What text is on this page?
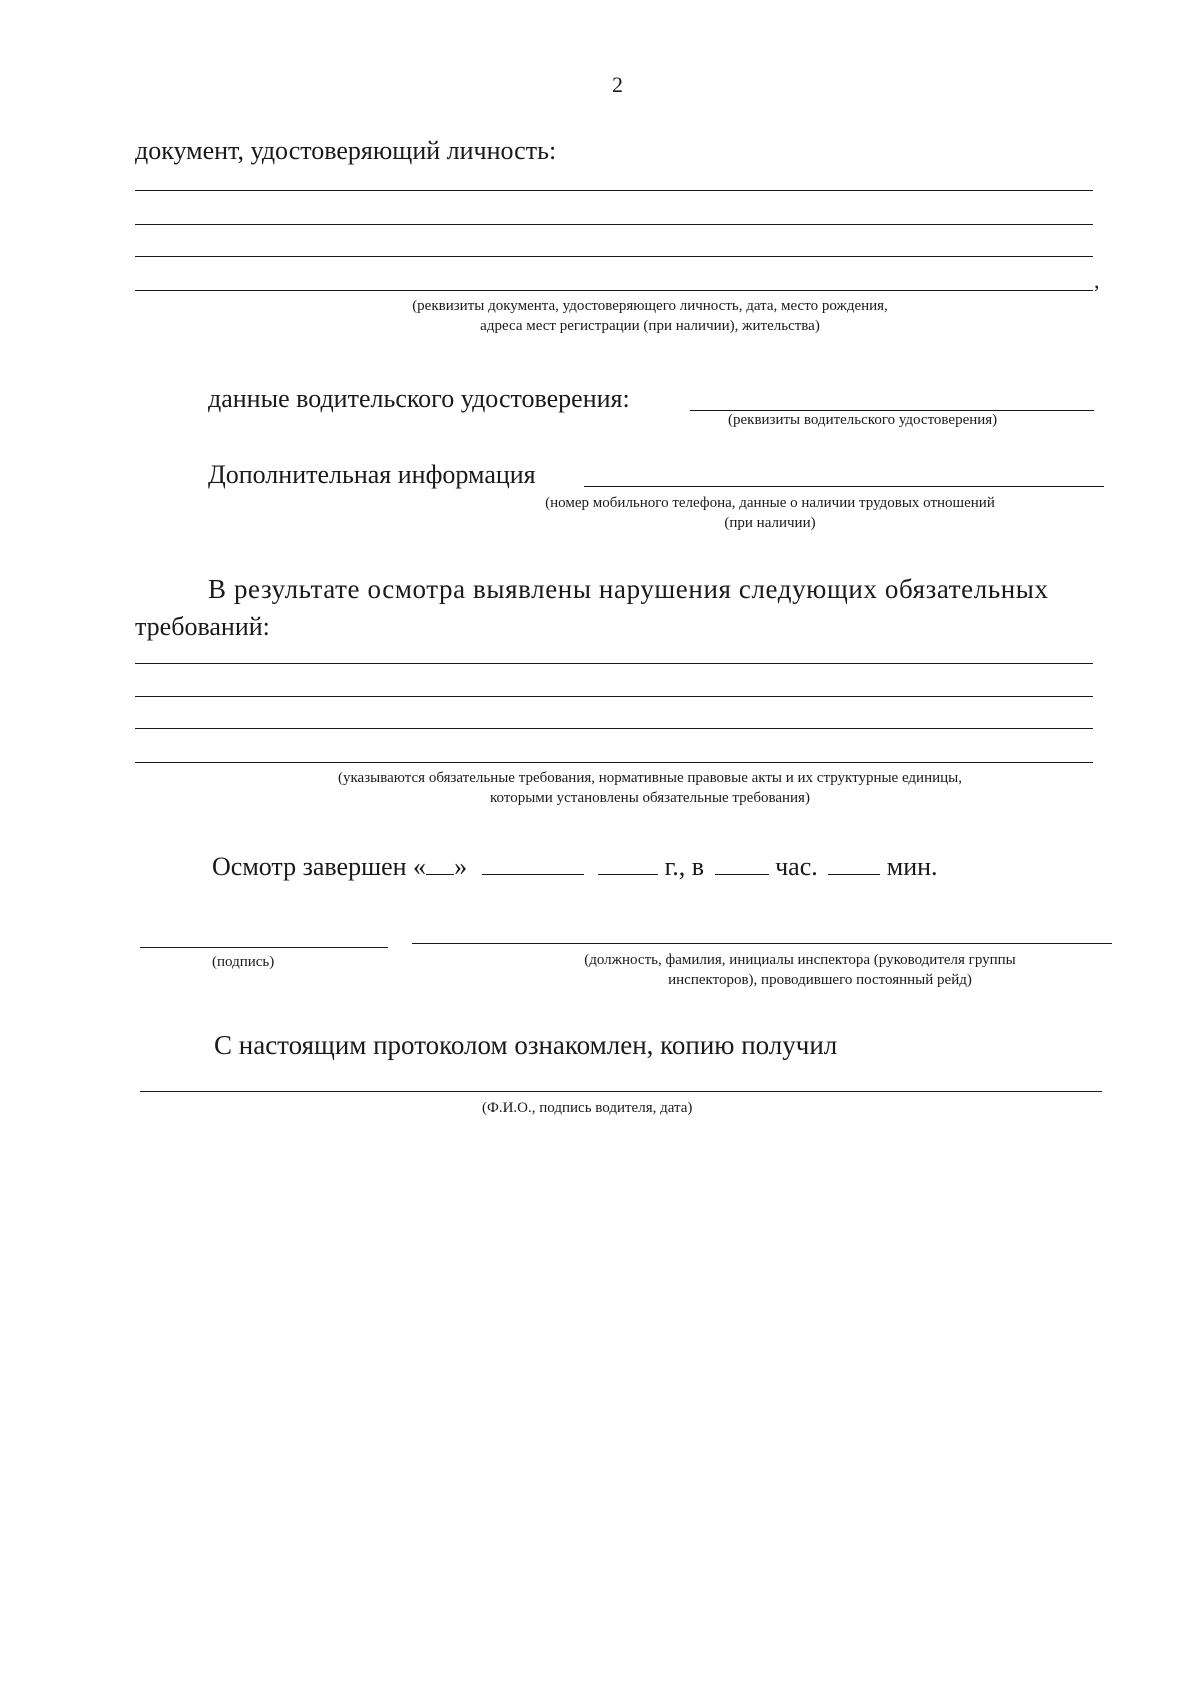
2
документ, удостоверяющий личность:
,
(реквизиты документа, удостоверяющего личность, дата, место рождения,
адреса мест регистрации (при наличии), жительства)
данные водительского удостоверения:
(реквизиты водительского удостоверения)
Дополнительная информация
(номер мобильного телефона, данные о наличии трудовых отношений
(при наличии)
В результате осмотра выявлены нарушения следующих обязательных
требований:
(указываются обязательные требования, нормативные правовые акты и их структурные единицы,
которыми установлены обязательные требования)
Осмотр завершен « »	г., в	час.	мин.
(подпись)	(должность, фамилия, инициалы инспектора (руководителя группы
инспекторов), проводившего постоянный рейд)
С настоящим протоколом ознакомлен, копию получил
(Ф.И.О., подпись водителя, дата)
